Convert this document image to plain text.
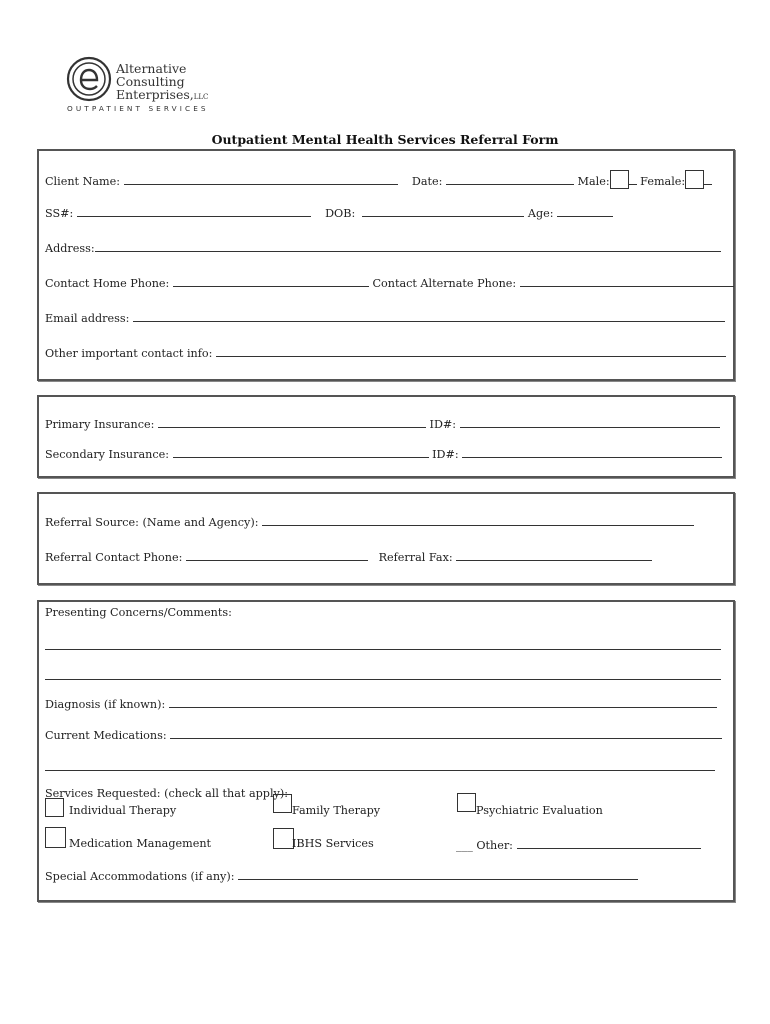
Alternative
Consulting
Enterprises,LLC
OUTPATIENT SERVICES
Outpatient Mental Health Services Referral Form
Client Name:	Date:	Male:	Female:
SS#:	DOB:	Age:
Address:
Contact Home Phone:	Contact Alternate Phone:
Email address:
Other important contact info:
Primary Insurance:	ID#:
Secondary Insurance:	ID#:
Referral Source: (Name and Agency):
Referral Contact Phone:	Referral Fax:
Presenting Concerns/Comments:
Diagnosis (if known):
Current Medications:
Services Requested: (check all that apply):
Individual Therapy	Family Therapy	Psychiatric Evaluation
Medication Management	IBHS Services	___ Other:
Special Accommodations (if any):
